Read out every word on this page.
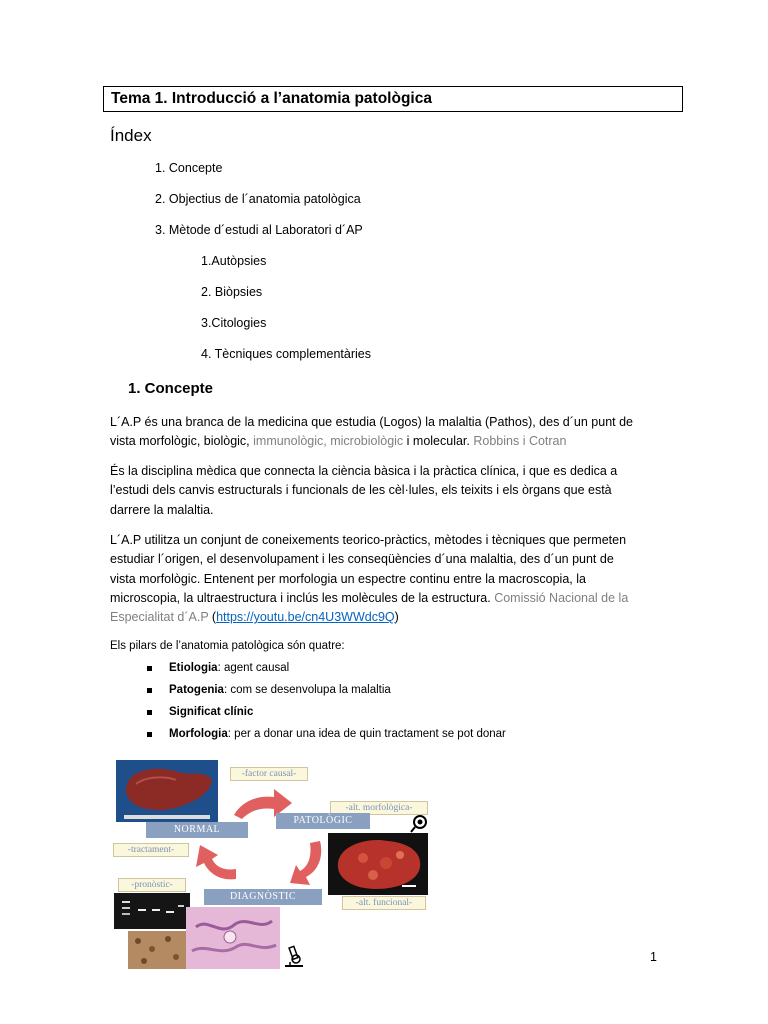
Tema 1. Introducció a l’anatomia patològica
Índex
1. Concepte
2. Objectius de l´anatomia patològica
3. Mètode d´estudi al Laboratori d´AP
1.Autòpsies
2. Biòpsies
3.Citologies
4. Tècniques complementàries
1. Concepte
L´A.P és una branca de la medicina que estudia (Logos) la malaltia (Pathos), des d´un punt de
vista morfològic, biològic, immunològic, microbiològic i molecular. Robbins i Cotran
És la disciplina mèdica que connecta la ciència bàsica i la pràctica clínica, i que es dedica a
l’estudi dels canvis estructurals i funcionals de les cèl·lules, els teixits i els òrgans que està
darrere la malaltia.
L´A.P utilitza un conjunt de coneixements teorico-pràctics, mètodes i tècniques que permeten
estudiar l´origen, el desenvolupament i les conseqüències d´una malaltia, des d´un punt de
vista morfològic. Entenent per morfologia un espectre continu entre la macroscopia, la
microscopia, la ultraestructura i inclús les molècules de la estructura. Comissió Nacional de la
Especialitat d´A.P (https://youtu.be/cn4U3WWdc9Q)
Els pilars de l’anatomia patològica són quatre:
Etiologia: agent causal
Patogenia: com se desenvolupa la malaltia
Significat clínic
Morfologia: per a donar una idea de quin tractament se pot donar
-factor causal-
NORMAL
-alt. morfològica-
PATOLÒGIC
-tractament-
-pronòstic-
DIAGNÒSTIC
-alt. funcional-
1
